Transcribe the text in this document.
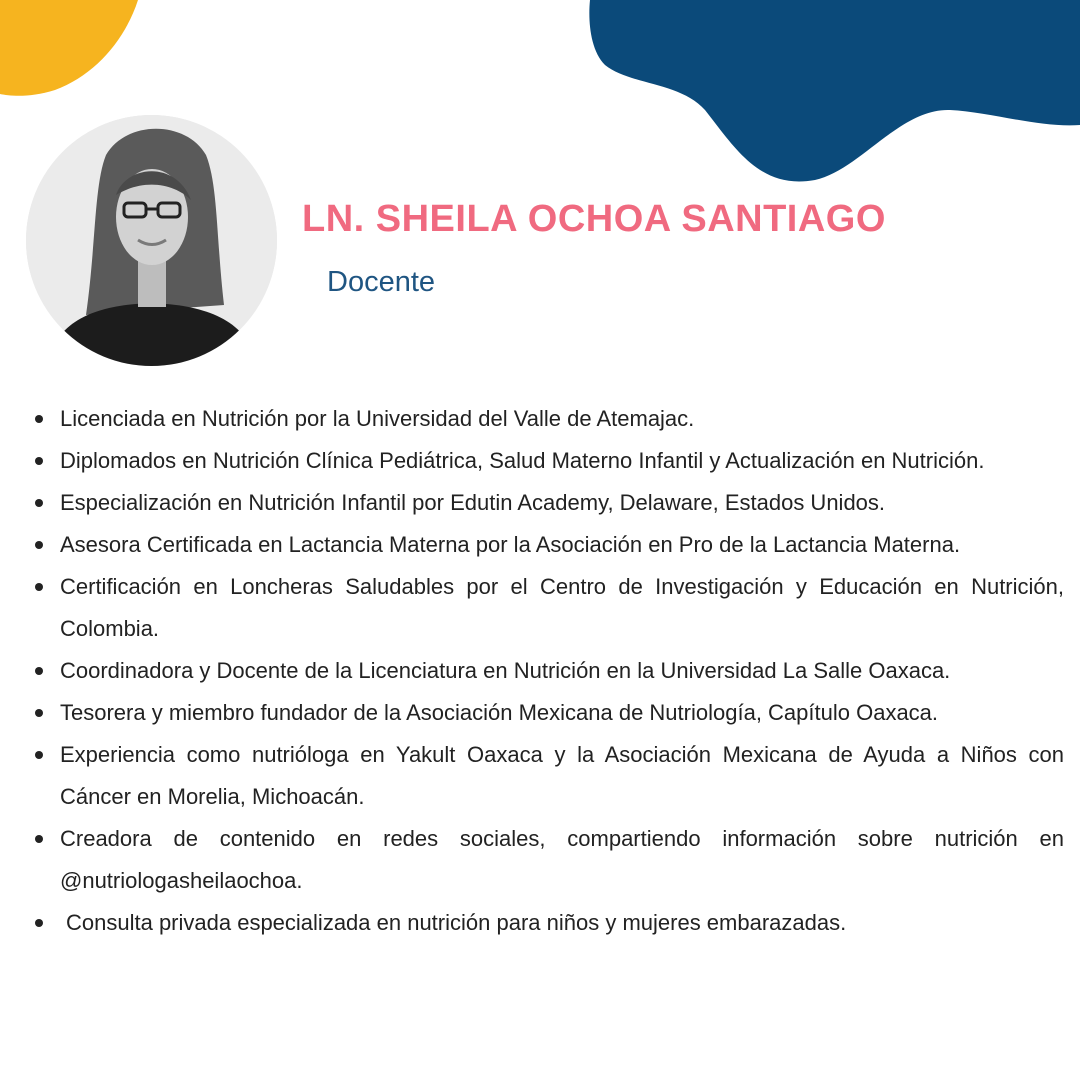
LN. SHEILA OCHOA SANTIAGO
Docente
Licenciada en Nutrición por la Universidad del Valle de Atemajac.
Diplomados en Nutrición Clínica Pediátrica, Salud Materno Infantil y Actualización en Nutrición.
Especialización en Nutrición Infantil por Edutin Academy, Delaware, Estados Unidos.
Asesora Certificada en Lactancia Materna por la Asociación en Pro de la Lactancia Materna.
Certificación en Loncheras Saludables por el Centro de Investigación y Educación en Nutrición, Colombia.
Coordinadora y Docente de la Licenciatura en Nutrición en la Universidad La Salle Oaxaca.
Tesorera y miembro fundador de la Asociación Mexicana de Nutriología, Capítulo Oaxaca.
Experiencia como nutrióloga en Yakult Oaxaca y la Asociación Mexicana de Ayuda a Niños con Cáncer en Morelia, Michoacán.
Creadora de contenido en redes sociales, compartiendo información sobre nutrición en @nutriologasheilaochoa.
Consulta privada especializada en nutrición para niños y mujeres embarazadas.
